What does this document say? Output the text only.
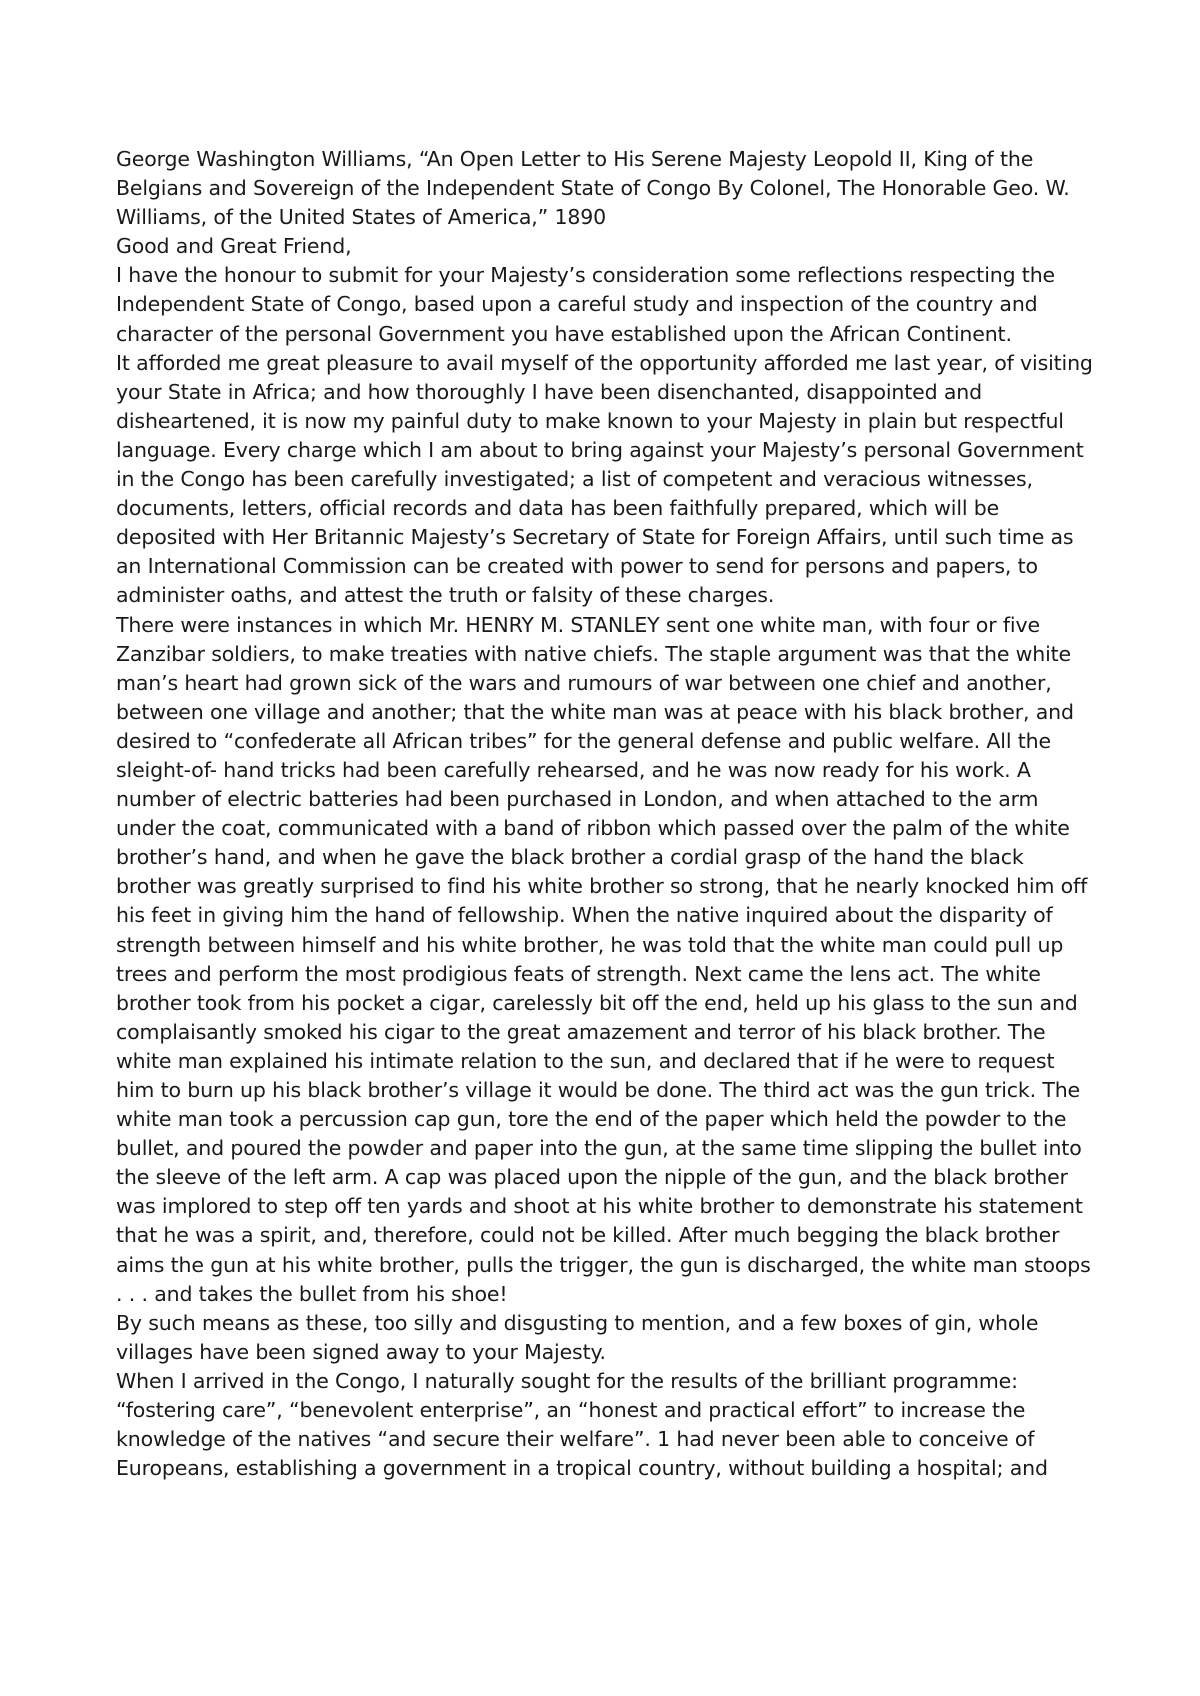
George Washington Williams, “An Open Letter to His Serene Majesty Leopold II, King of the Belgians and Sovereign of the Independent State of Congo By Colonel, The Honorable Geo. W. Williams, of the United States of America,” 1890

Good and Great Friend,

I have the honour to submit for your Majesty’s consideration some reflections respecting the Independent State of Congo, based upon a careful study and inspection of the country and character of the personal Government you have established upon the African Continent.

It afforded me great pleasure to avail myself of the opportunity afforded me last year, of visiting your State in Africa; and how thoroughly I have been disenchanted, disappointed and disheartened, it is now my painful duty to make known to your Majesty in plain but respectful language. Every charge which I am about to bring against your Majesty’s personal Government in the Congo has been carefully investigated; a list of competent and veracious witnesses, documents, letters, official records and data has been faithfully prepared, which will be deposited with Her Britannic Majesty’s Secretary of State for Foreign Affairs, until such time as an International Commission can be created with power to send for persons and papers, to administer oaths, and attest the truth or falsity of these charges.

There were instances in which Mr. HENRY M. STANLEY sent one white man, with four or five Zanzibar soldiers, to make treaties with native chiefs. The staple argument was that the white man’s heart had grown sick of the wars and rumours of war between one chief and another, between one village and another; that the white man was at peace with his black brother, and desired to “confederate all African tribes” for the general defense and public welfare. All the sleight-of- hand tricks had been carefully rehearsed, and he was now ready for his work. A number of electric batteries had been purchased in London, and when attached to the arm under the coat, communicated with a band of ribbon which passed over the palm of the white brother’s hand, and when he gave the black brother a cordial grasp of the hand the black brother was greatly surprised to find his white brother so strong, that he nearly knocked him off his feet in giving him the hand of fellowship. When the native inquired about the disparity of strength between himself and his white brother, he was told that the white man could pull up trees and perform the most prodigious feats of strength. Next came the lens act. The white brother took from his pocket a cigar, carelessly bit off the end, held up his glass to the sun and complaisantly smoked his cigar to the great amazement and terror of his black brother. The white man explained his intimate relation to the sun, and declared that if he were to request him to burn up his black brother’s village it would be done. The third act was the gun trick. The white man took a percussion cap gun, tore the end of the paper which held the powder to the bullet, and poured the powder and paper into the gun, at the same time slipping the bullet into the sleeve of the left arm. A cap was placed upon the nipple of the gun, and the black brother was implored to step off ten yards and shoot at his white brother to demonstrate his statement that he was a spirit, and, therefore, could not be killed. After much begging the black brother aims the gun at his white brother, pulls the trigger, the gun is discharged, the white man stoops . . . and takes the bullet from his shoe!

By such means as these, too silly and disgusting to mention, and a few boxes of gin, whole villages have been signed away to your Majesty.

When I arrived in the Congo, I naturally sought for the results of the brilliant programme: “fostering care”, “benevolent enterprise”, an “honest and practical effort” to increase the knowledge of the natives “and secure their welfare”. 1 had never been able to conceive of Europeans, establishing a government in a tropical country, without building a hospital; and
